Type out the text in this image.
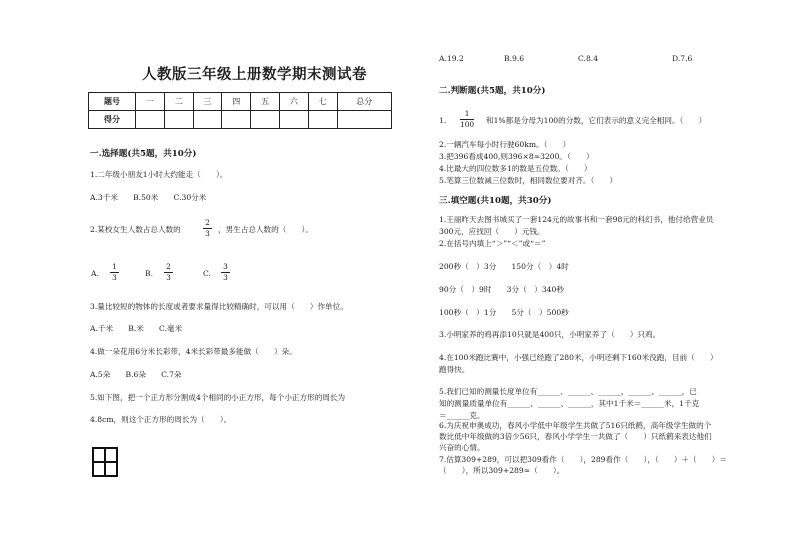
人教版三年级上册数学期末测试卷
题号	一	二	三	四	五	六	七	总分
得分								
一.选择题(共5题，共10分)
1.二年级小朋友1小时大约能走（　　）。
A.3千米　　B.50米　　C.30分米
2.某校女生人数占总人数的
2
3 ，男生占总人数的（　　）。
A.
1
3	B.
2
3	C.
3
3
3.量比较短的物体的长度或者要求量得比较精确时，可以用（　　）作单位。
A.千米　　B.米　　C.毫米
4.做一朵花用6分米长彩带，4米长彩带最多能做（　　）朵。
A.5朵　　B.6朵　　C.7朵
5.如下图，把一个正方形分割成4个相同的小正方形，每个小正方形的周长为
4.8cm，则这个正方形的周长为（　　）。
A.19.2	B.9.6	C.8.4	D.7.6
二.判断题(共5题，共10分)
1.
1
100 和1%都是分母为100的分数，它们表示的意义完全相同。（　　）
2.一辆汽车每小时行驶60km。（　　）
3.把396看成400,则396×8≈3200。（　　）
4.比最大的四位数多1的数是五位数。（　　）
5.笔算三位数减三位数时，相同数位要对齐。（　　）
三.填空题(共10题，共30分)
1.王丽昨天去图书城买了一套124元的故事书和一套98元的科幻书，他付给营业员
300元，应找回（　　）元钱。
2.在括号内填上“＞”“＜”或“＝”
200秒（　）3分　　150分（　）4时
90分（　）9时　　3分（　）340秒
100秒（　）1分　　5分（　）500秒
3.小明家养的鸡再添10只就是400只，小明家养了（　　）只鸡。
4.在100米跑比赛中，小强已经跑了280米，小明还剩下160米没跑，目前（　　）
跑得快。
5.我们已知的测量长度单位有______、______、______、______、______，已
知的测量质量单位有______、______、______，其中1千米＝______米，1千克
＝______克。
6.为庆祝申奥成功，春风小学低中年级学生共做了516只纸鹤，高年级学生做的个
数比低中年级做的3倍少56只，春风小学学生一共做了（　　）只纸鹤来表达他们
兴奋的心情。
7.估算309+289，可以把309看作（　　），289看作（　　），（　　）＋（　　）＝
（　　），所以309+289≈（　　）。
